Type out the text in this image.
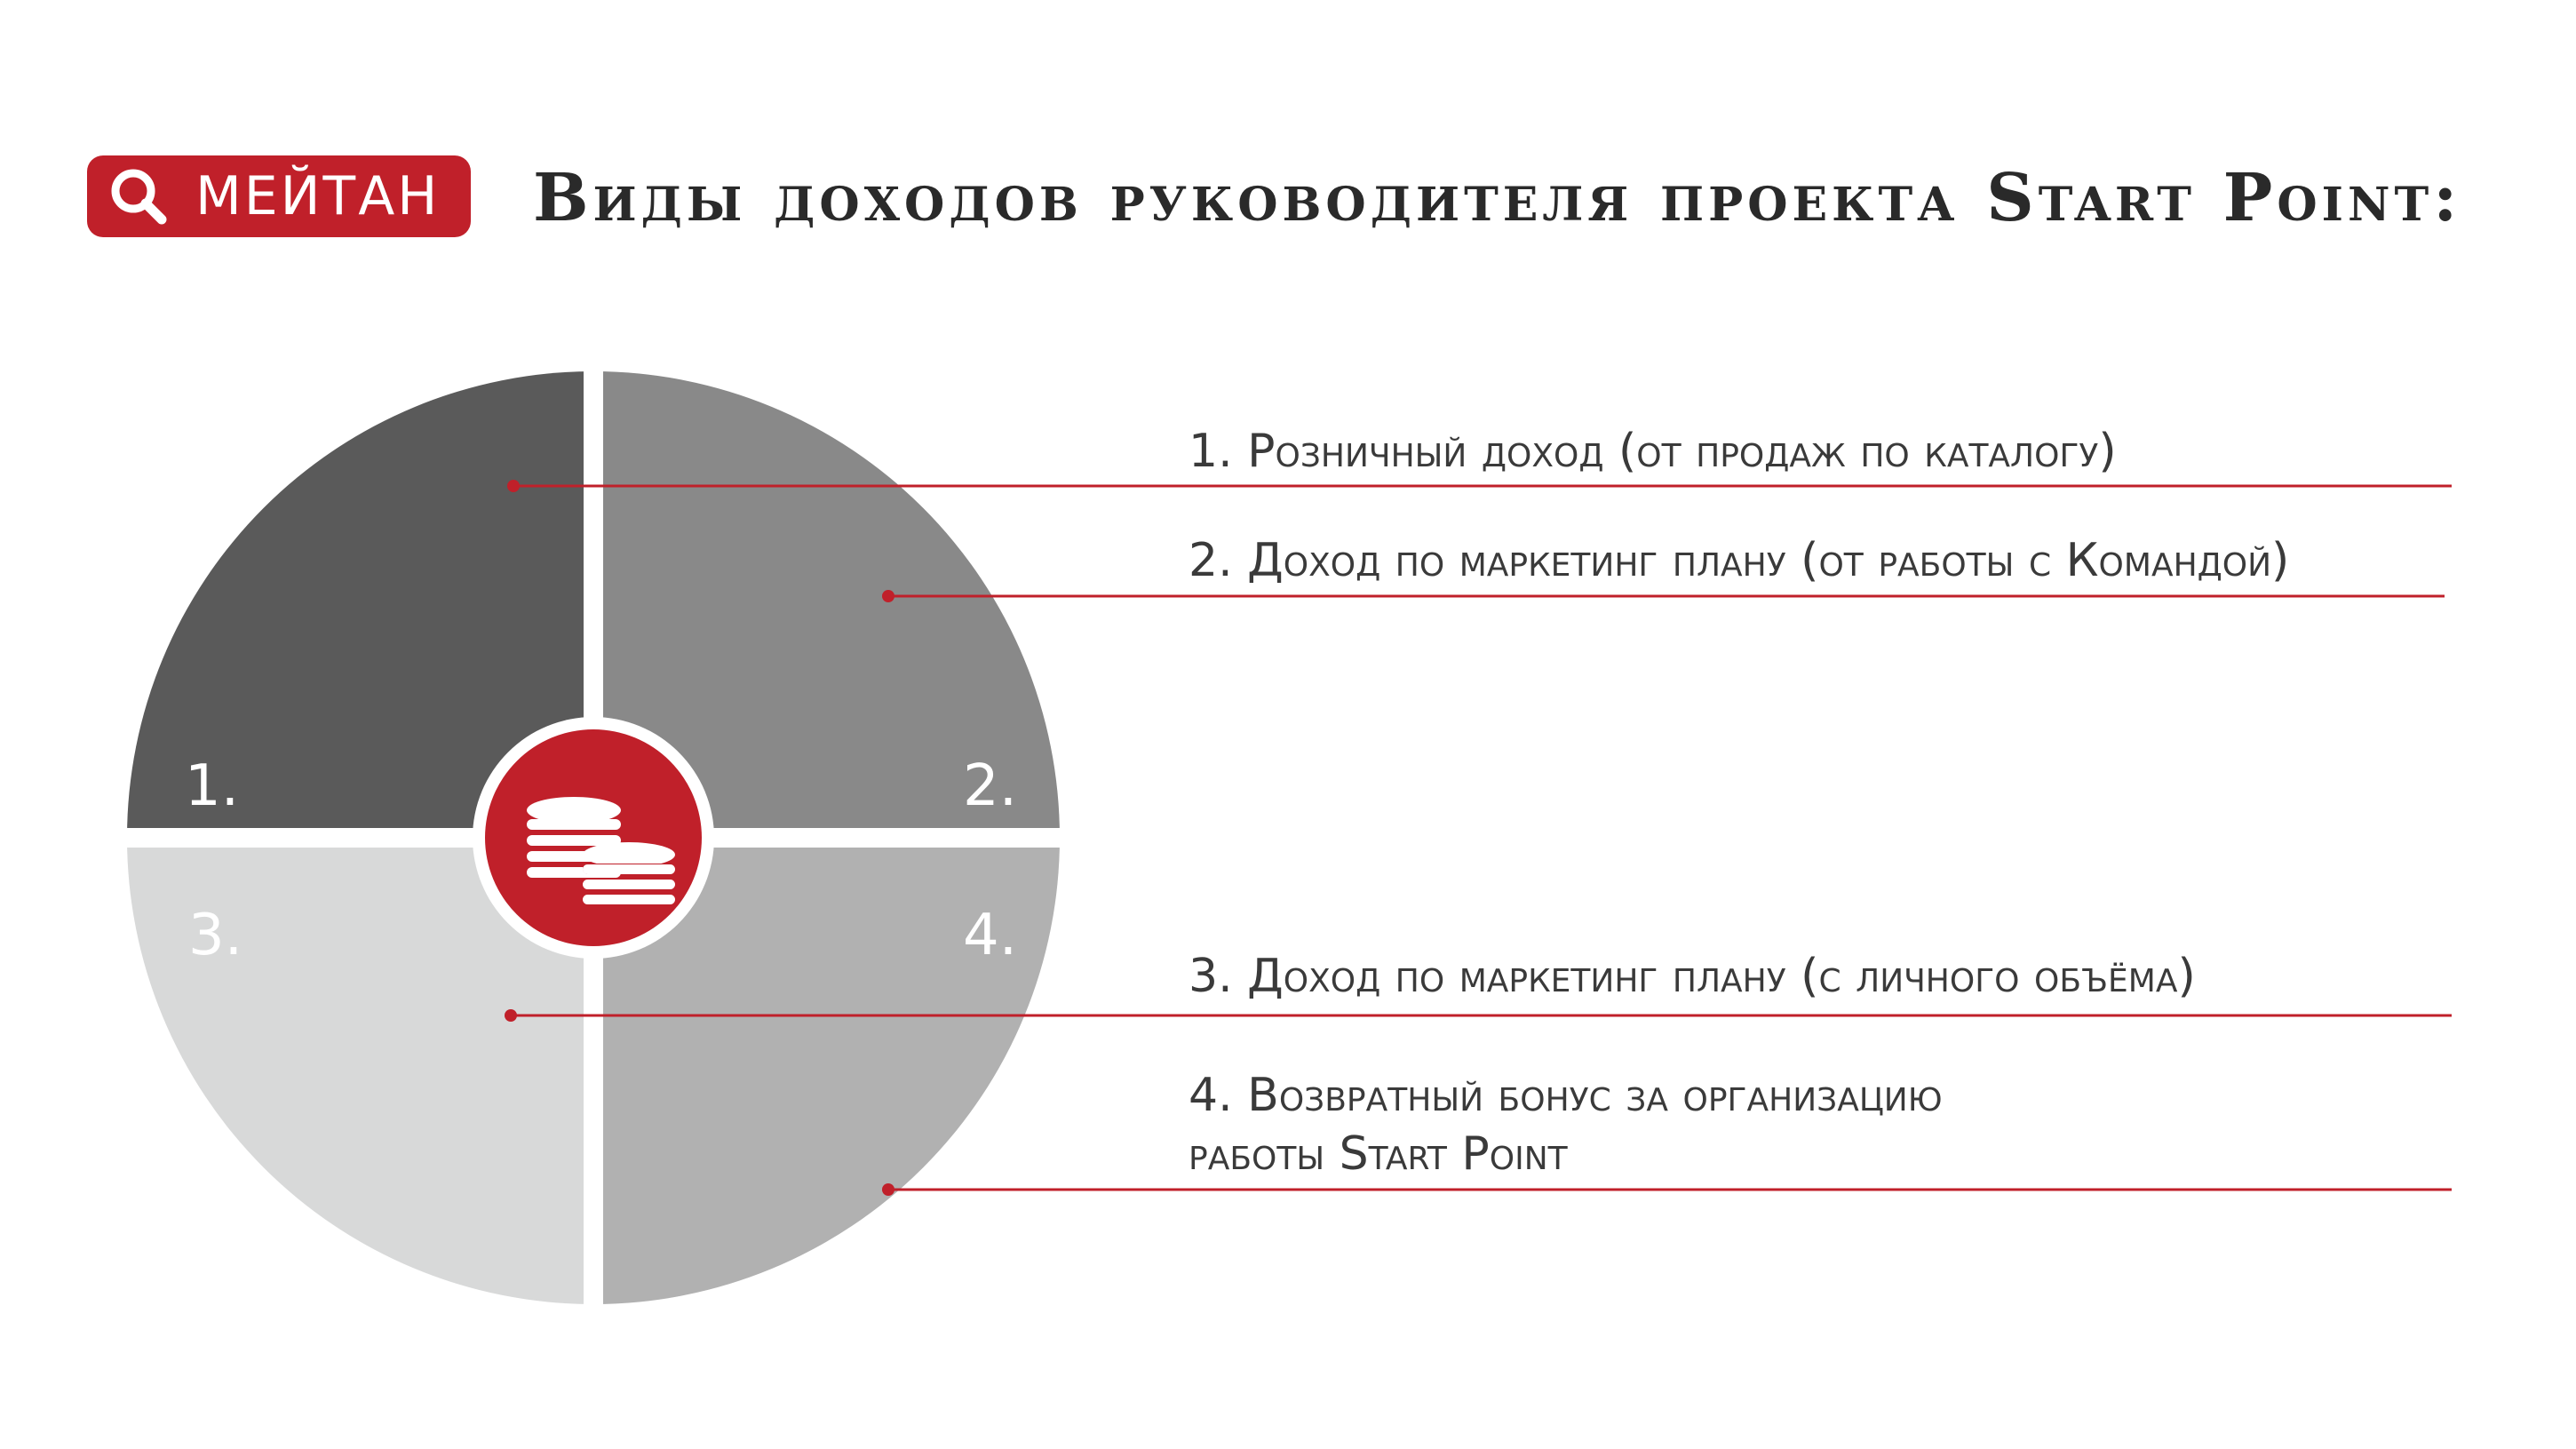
МЕЙТАН Виды доходов руководителя проекта Start Point:
1.	2.
3.	4.
1. Розничный доход (от продаж по каталогу)
2. Доход по маркетинг плану (от работы с Командой)
3. Доход по маркетинг плану (с личного объёма)
4. Возвратный бонус за организацию
работы Start Point
